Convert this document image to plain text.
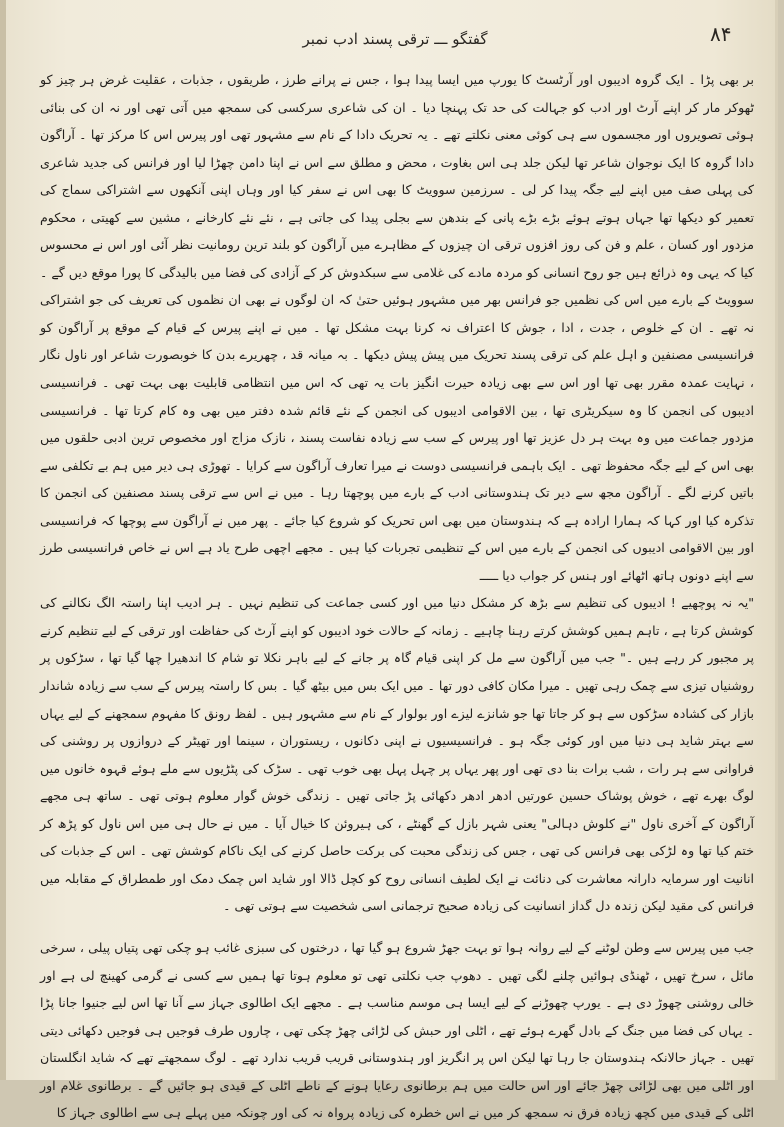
۸۴
گفتگو ـــ ترقی پسند ادب نمبر

بر بھی پڑا ۔ ایک گروہ ادیبوں اور آرٹسٹ کا یورپ میں ایسا پیدا ہوا ، جس نے پرانے طرز ، طریقوں ، جذبات ، عقلیت غرض ہر چیز کو ٹھوکر مار کر اپنے آرٹ اور ادب کو جہالت کی حد تک پہنچا دیا ۔ ان کی شاعری سرکسی کی سمجھ میں آتی تھی اور نہ ان کی بنائی ہوئی تصویروں اور مجسموں سے ہی کوئی معنی نکلتے تھے ۔ یہ تحریک دادا کے نام سے مشہور تھی اور پیرس اس کا مرکز تھا ۔ آراگون دادا گروہ کا ایک نوجوان شاعر تھا لیکن جلد ہی اس بغاوت ، محض و مطلق سے اس نے اپنا دامن چھڑا لیا اور فرانس کی جدید شاعری کی پہلی صف میں اپنے لیے جگہ پیدا کر لی ۔ سرزمین سوویٹ کا بھی اس نے سفر کیا اور وہاں اپنی آنکھوں سے اشتراکی سماج کی تعمیر کو دیکھا تھا جہاں ہوتے ہوئے بڑے بڑے پانی کے بندھن سے بجلی پیدا کی جاتی ہے ، نئے نئے کارخانے ، مشین سے کھیتی ، محکوم مزدور اور کسان ، علم و فن کی روز افزوں ترقی ان چیزوں کے مظاہرے میں آراگون کو بلند ترین رومانیت نظر آئی اور اس نے محسوس کیا کہ یہی وہ ذرائع ہیں جو روح انسانی کو مردہ مادے کی غلامی سے سبکدوش کر کے آزادی کی فضا میں بالیدگی کا پورا موقع دیں گے ۔ سوویٹ کے بارے میں اس کی نظمیں جو فرانس بھر میں مشہور ہوئیں حتیٰ کہ ان لوگوں نے بھی ان نظموں کی تعریف کی جو اشتراکی نہ تھے ۔ ان کے خلوص ، جدت ، ادا ، جوش کا اعتراف نہ کرنا بہت مشکل تھا ۔ میں نے اپنے پیرس کے قیام کے موقع پر آراگون کو فرانسیسی مصنفین و اہل علم کی ترقی پسند تحریک میں پیش پیش دیکھا ۔ بہ میانہ قد ، چھریرے بدن کا خوبصورت شاعر اور ناول نگار ، نہایت عمدہ مقرر بھی تھا اور اس سے بھی زیادہ حیرت انگیز بات یہ تھی کہ اس میں انتظامی قابلیت بھی بہت تھی ۔ فرانسیسی ادیبوں کی انجمن کا وہ سیکریٹری تھا ، بین الاقوامی ادیبوں کی انجمن کے نئے قائم شدہ دفتر میں بھی وہ کام کرتا تھا ۔ فرانسیسی مزدور جماعت میں وہ بہت ہر دل عزیز تھا اور پیرس کے سب سے زیادہ نفاست پسند ، نازک مزاج اور مخصوص ترین ادبی حلقوں میں بھی اس کے لیے جگہ محفوظ تھی ۔ ایک باہمی فرانسیسی دوست نے میرا تعارف آراگون سے کرایا ۔ تھوڑی ہی دیر میں ہم بے تکلفی سے باتیں کرنے لگے ۔ آراگون مجھ سے دیر تک ہندوستانی ادب کے بارے میں پوچھتا رہا ۔ میں نے اس سے ترقی پسند مصنفین کی انجمن کا تذکرہ کیا اور کہا کہ ہمارا ارادہ ہے کہ ہندوستان میں بھی اس تحریک کو شروع کیا جائے ۔ پھر میں نے آراگون سے پوچھا کہ فرانسیسی اور بین الاقوامی ادیبوں کی انجمن کے بارے میں اس کے تنظیمی تجربات کیا ہیں ۔ مجھے اچھی طرح یاد ہے اس نے خاص فرانسیسی طرز سے اپنے دونوں ہاتھ اٹھائے اور ہنس کر جواب دیا ـــــ

"یہ نہ پوچھیے ! ادیبوں کی تنظیم سے بڑھ کر مشکل دنیا میں اور کسی جماعت کی تنظیم نہیں ۔ ہر ادیب اپنا راستہ الگ نکالنے کی کوشش کرتا ہے ، تاہم ہمیں کوشش کرتے رہنا چاہیے ۔ زمانہ کے حالات خود ادیبوں کو اپنے آرٹ کی حفاظت اور ترقی کے لیے تنظیم کرنے پر مجبور کر رہے ہیں ۔" جب میں آراگون سے مل کر اپنی قیام گاہ پر جانے کے لیے باہر نکلا تو شام کا اندھیرا چھا گیا تھا ، سڑکوں پر روشنیاں تیزی سے چمک رہی تھیں ۔ میرا مکان کافی دور تھا ۔ میں ایک بس میں بیٹھ گیا ۔ بس کا راستہ پیرس کے سب سے زیادہ شاندار بازار کی کشادہ سڑکوں سے ہو کر جاتا تھا جو شانزے لیزے اور بولوار کے نام سے مشہور ہیں ۔ لفظ رونق کا مفہوم سمجھنے کے لیے یہاں سے بہتر شاید ہی دنیا میں اور کوئی جگہ ہو ۔ فرانسیسیوں نے اپنی دکانوں ، ریستوران ، سینما اور تھیٹر کے دروازوں پر روشنی کی فراوانی سے ہر رات ، شب برات بنا دی تھی اور پھر یہاں پر چہل پہل بھی خوب تھی ۔ سڑک کی پٹڑیوں سے ملے ہوئے قہوہ خانوں میں لوگ بھرے تھے ، خوش پوشاک حسین عورتیں ادھر ادھر دکھائی پڑ جاتی تھیں ۔ زندگی خوش گوار معلوم ہوتی تھی ۔ ساتھ ہی مجھے آراگون کے آخری ناول "نے کلوش دہالی" یعنی شہر بازل کے گھنٹے ، کی ہیروئن کا خیال آیا ۔ میں نے حال ہی میں اس ناول کو پڑھ کر ختم کیا تھا وہ لڑکی بھی فرانس کی تھی ، جس کی زندگی محبت کی برکت حاصل کرنے کی ایک ناکام کوشش تھی ۔ اس کے جذبات کی انانیت اور سرمایہ دارانہ معاشرت کی دنائت نے ایک لطیف انسانی روح کو کچل ڈالا اور شاید اس چمک دمک اور طمطراق کے مقابلہ میں فرانس کی مقید لیکن زندہ دل گداز انسانیت کی زیادہ صحیح ترجمانی اسی شخصیت سے ہوتی تھی ۔

جب میں پیرس سے وطن لوٹنے کے لیے روانہ ہوا تو بہت جھڑ شروع ہو گیا تھا ، درختوں کی سبزی غائب ہو چکی تھی پتیاں پیلی ، سرخی مائل ، سرخ تھیں ، ٹھنڈی ہوائیں چلنے لگی تھیں ۔ دھوپ جب نکلتی تھی تو معلوم ہوتا تھا ہمیں سے کسی نے گرمی کھینچ لی ہے اور خالی روشنی چھوڑ دی ہے ۔ یورپ چھوڑنے کے لیے ایسا ہی موسم مناسب ہے ۔ مجھے ایک اطالوی جہاز سے آنا تھا اس لیے جنیوا جانا پڑا ۔ یہاں کی فضا میں جنگ کے بادل گھرے ہوئے تھے ، اٹلی اور حبش کی لڑائی چھڑ چکی تھی ، چاروں طرف فوجیں ہی فوجیں دکھائی دیتی تھیں ۔ جہاز حالانکہ ہندوستان جا رہا تھا لیکن اس پر انگریز اور ہندوستانی قریب قریب ندارد تھے ۔ لوگ سمجھتے تھے کہ شاید انگلستان اور اٹلی میں بھی لڑائی چھڑ جائے اور اس حالت میں ہم برطانوی رعایا ہونے کے ناطے اٹلی کے قیدی ہو جائیں گے ۔ برطانوی غلام اور اٹلی کے قیدی میں کچھ زیادہ فرق نہ سمجھ کر میں نے اس خطرہ کی زیادہ پرواہ نہ کی اور چونکہ میں پہلے ہی سے اطالوی جہاز کا
